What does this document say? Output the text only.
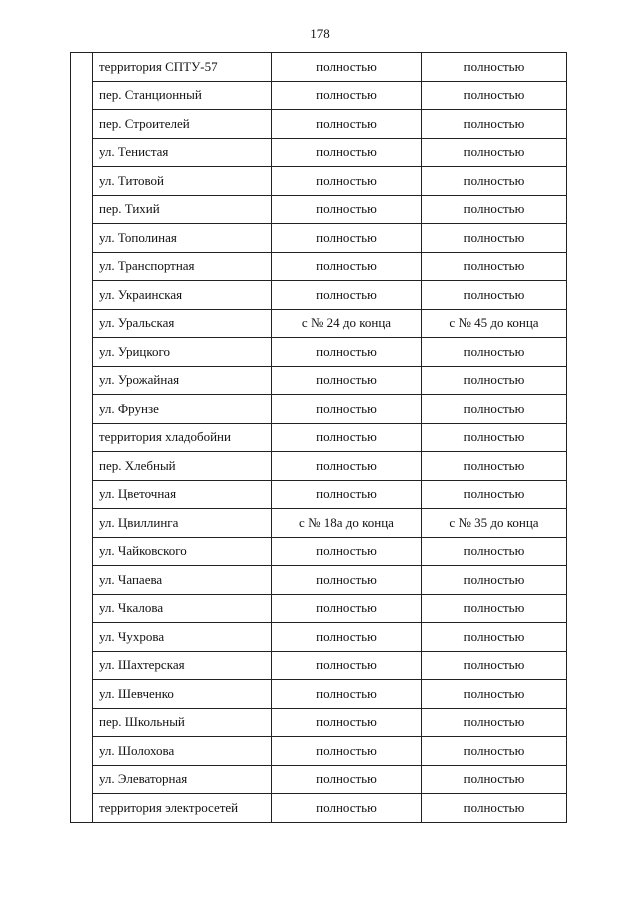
178
	территория СПТУ-57	полностью	полностью
	пер. Станционный	полностью	полностью
	пер. Строителей	полностью	полностью
	ул. Тенистая	полностью	полностью
	ул. Титовой	полностью	полностью
	пер. Тихий	полностью	полностью
	ул. Тополиная	полностью	полностью
	ул. Транспортная	полностью	полностью
	ул. Украинская	полностью	полностью
	ул. Уральская	с № 24 до конца	с № 45 до конца
	ул. Урицкого	полностью	полностью
	ул. Урожайная	полностью	полностью
	ул. Фрунзе	полностью	полностью
	территория хладобойни	полностью	полностью
	пер. Хлебный	полностью	полностью
	ул. Цветочная	полностью	полностью
	ул. Цвиллинга	с № 18а до конца	с № 35 до конца
	ул. Чайковского	полностью	полностью
	ул. Чапаева	полностью	полностью
	ул. Чкалова	полностью	полностью
	ул. Чухрова	полностью	полностью
	ул. Шахтерская	полностью	полностью
	ул. Шевченко	полностью	полностью
	пер. Школьный	полностью	полностью
	ул. Шолохова	полностью	полностью
	ул. Элеваторная	полностью	полностью
	территория электросетей	полностью	полностью
